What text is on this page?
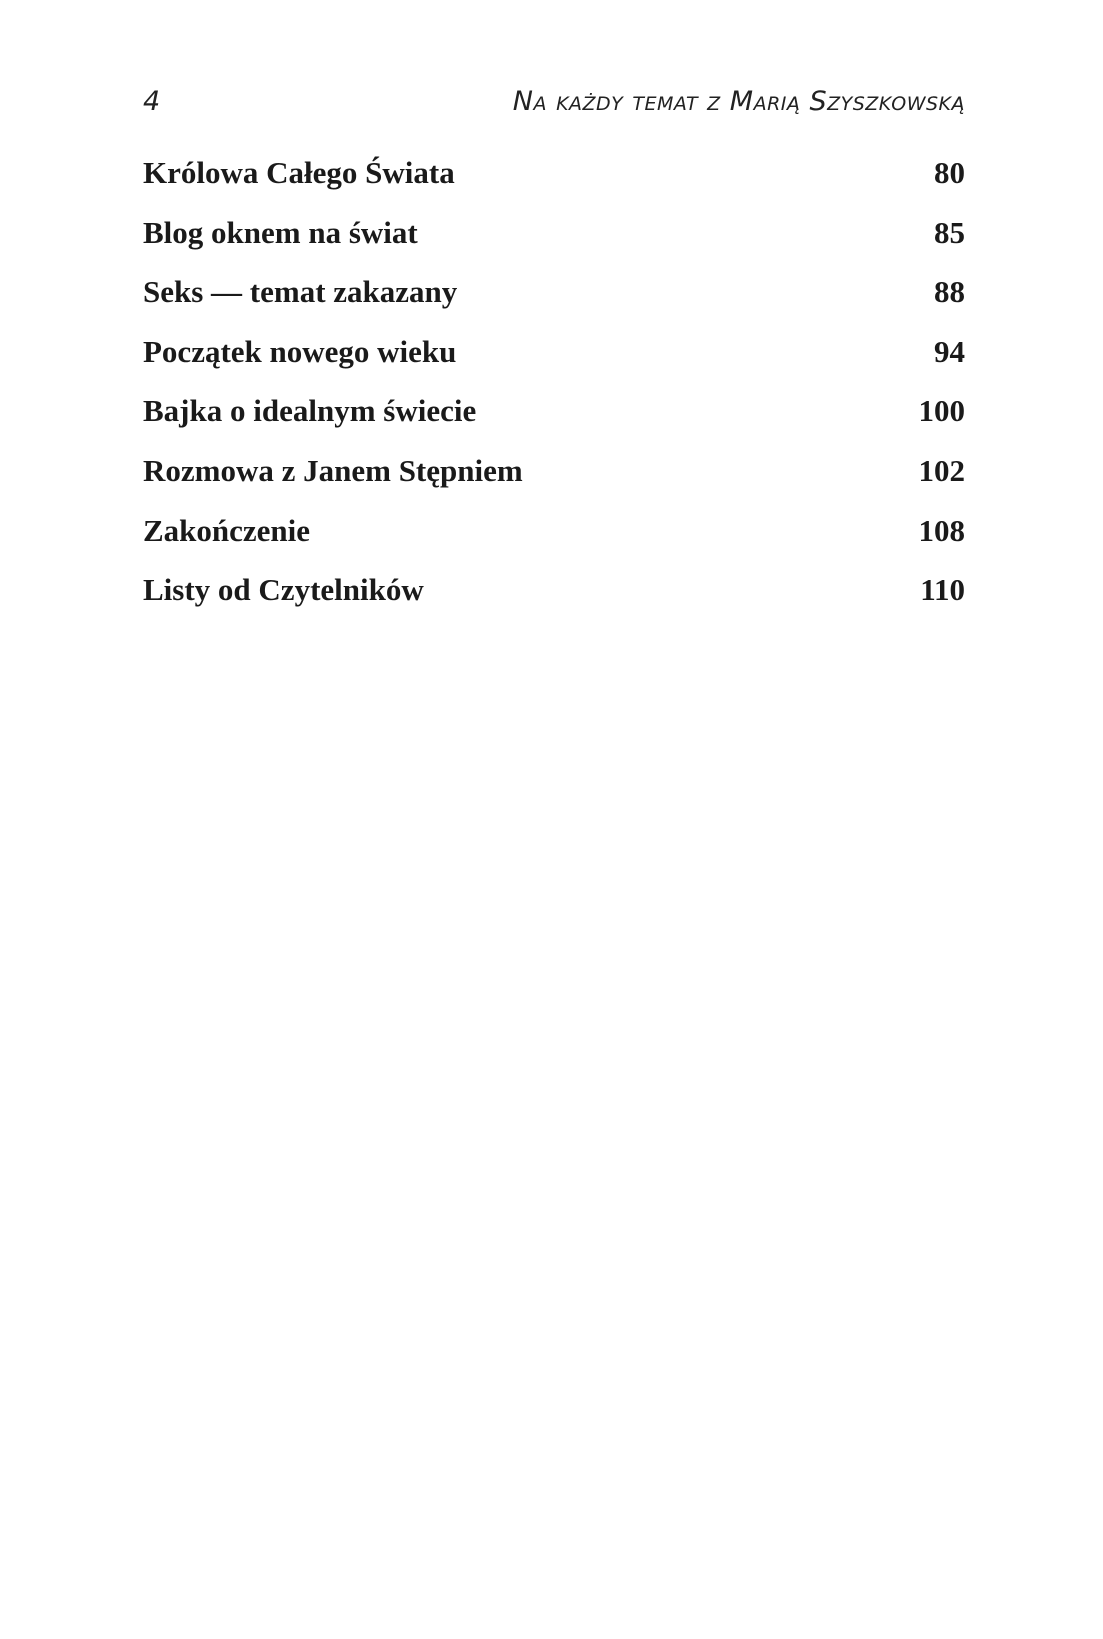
4	Na każdy temat z Marią Szyszkowską
Królowa Całego Świata	80
Blog oknem na świat	85
Seks — temat zakazany	88
Początek nowego wieku	94
Bajka o idealnym świecie	100
Rozmowa z Janem Stępniem	102
Zakończenie	108
Listy od Czytelników	110
